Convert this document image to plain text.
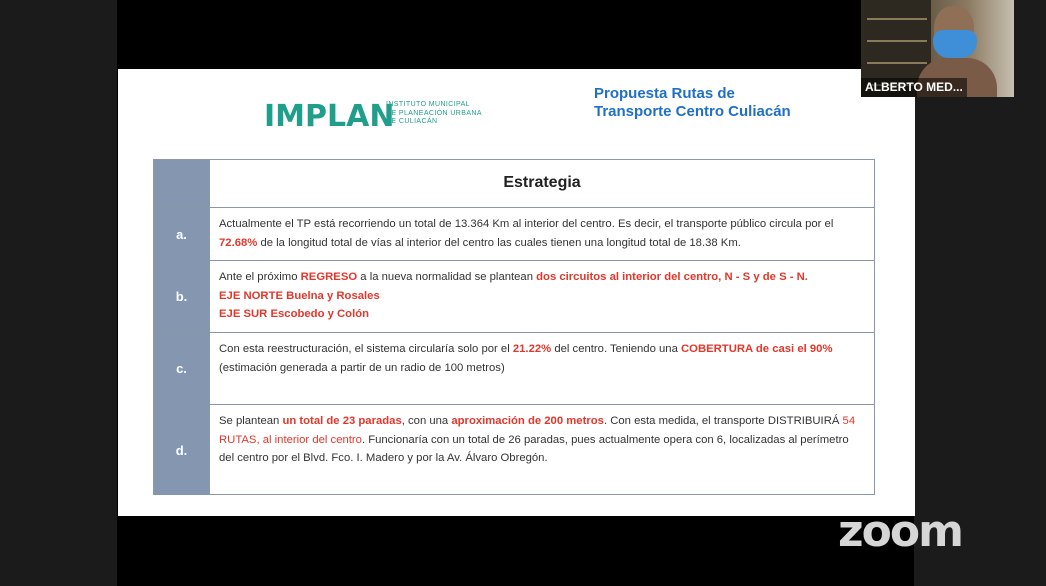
IMPLAN
INSTITUTO MUNICIPAL
DE PLANEACIÓN URBANA
DE CULIACÁN
Propuesta Rutas de
Transporte Centro Culiacán
Estrategia
a.
Actualmente el TP está recorriendo un total de 13.364 Km al interior del centro. Es decir, el transporte público circula por el 72.68% de la longitud total de vías al interior del centro las cuales tienen una longitud total de 18.38 Km.
b.
Ante el próximo REGRESO a la nueva normalidad se plantean dos circuitos al interior del centro, N - S y de S - N.
EJE NORTE Buelna y Rosales
EJE SUR Escobedo y Colón
c.
Con esta reestructuración, el sistema circularía solo por el 21.22% del centro. Teniendo una COBERTURA de casi el 90%
(estimación generada a partir de un radio de 100 metros)
d.
Se plantean un total de 23 paradas, con una aproximación de 200 metros. Con esta medida, el transporte DISTRIBUIRÁ 54 RUTAS, al interior del centro. Funcionaría con un total de 26 paradas, pues actualmente opera con 6, localizadas al perímetro del centro por el Blvd. Fco. I. Madero y por la Av. Álvaro Obregón.
ALBERTO MED...
zoom
